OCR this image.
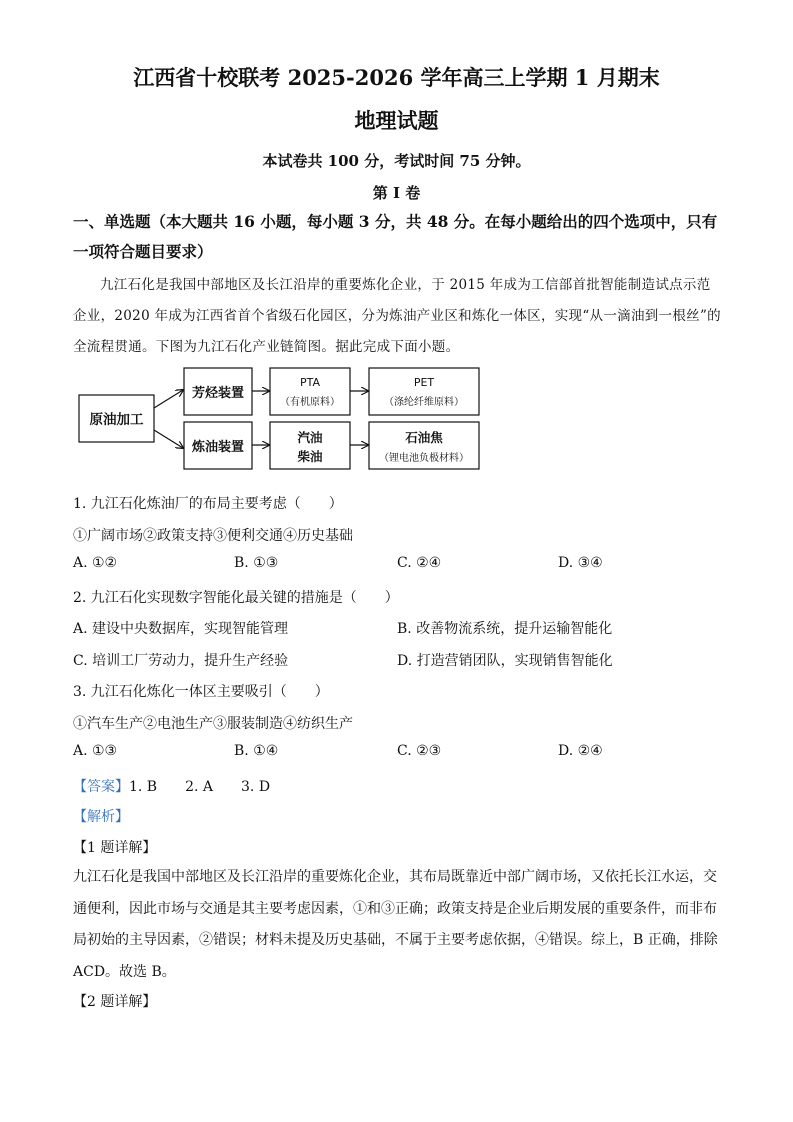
江西省十校联考 2025-2026 学年高三上学期 1 月期末
地理试题
本试卷共 100 分，考试时间 75 分钟。
第 I 卷
一、单选题（本大题共 16 小题，每小题 3 分，共 48 分。在每小题给出的四个选项中，只有一项符合题目要求）
九江石化是我国中部地区及长江沿岸的重要炼化企业，于 2015 年成为工信部首批智能制造试点示范企业，2020 年成为江西省首个省级石化园区，分为炼油产业区和炼化一体区，实现“从一滴油到一根丝”的全流程贯通。下图为九江石化产业链简图。据此完成下面小题。
原油加工
芳烃装置
炼油装置
PTA
（有机原料）
PET
（涤纶纤维原料）
汽油
柴油
石油焦
（锂电池负极材料）
1. 九江石化炼油厂的布局主要考虑（　　）
①广阔市场②政策支持③便利交通④历史基础
A. ①②	B. ①③	C. ②④	D. ③④
2. 九江石化实现数字智能化最关键的措施是（　　）
A. 建设中央数据库，实现智能管理	B. 改善物流系统，提升运输智能化
C. 培训工厂劳动力，提升生产经验	D. 打造营销团队，实现销售智能化
3. 九江石化炼化一体区主要吸引（　　）
①汽车生产②电池生产③服装制造④纺织生产
A. ①③	B. ①④	C. ②③	D. ②④
【答案】1. B　　2. A　　3. D
【解析】
【1 题详解】
九江石化是我国中部地区及长江沿岸的重要炼化企业，其布局既靠近中部广阔市场，又依托长江水运，交通便利，因此市场与交通是其主要考虑因素，①和③正确；政策支持是企业后期发展的重要条件，而非布局初始的主导因素，②错误；材料未提及历史基础，不属于主要考虑依据，④错误。综上，B 正确，排除 ACD。故选 B。
【2 题详解】
